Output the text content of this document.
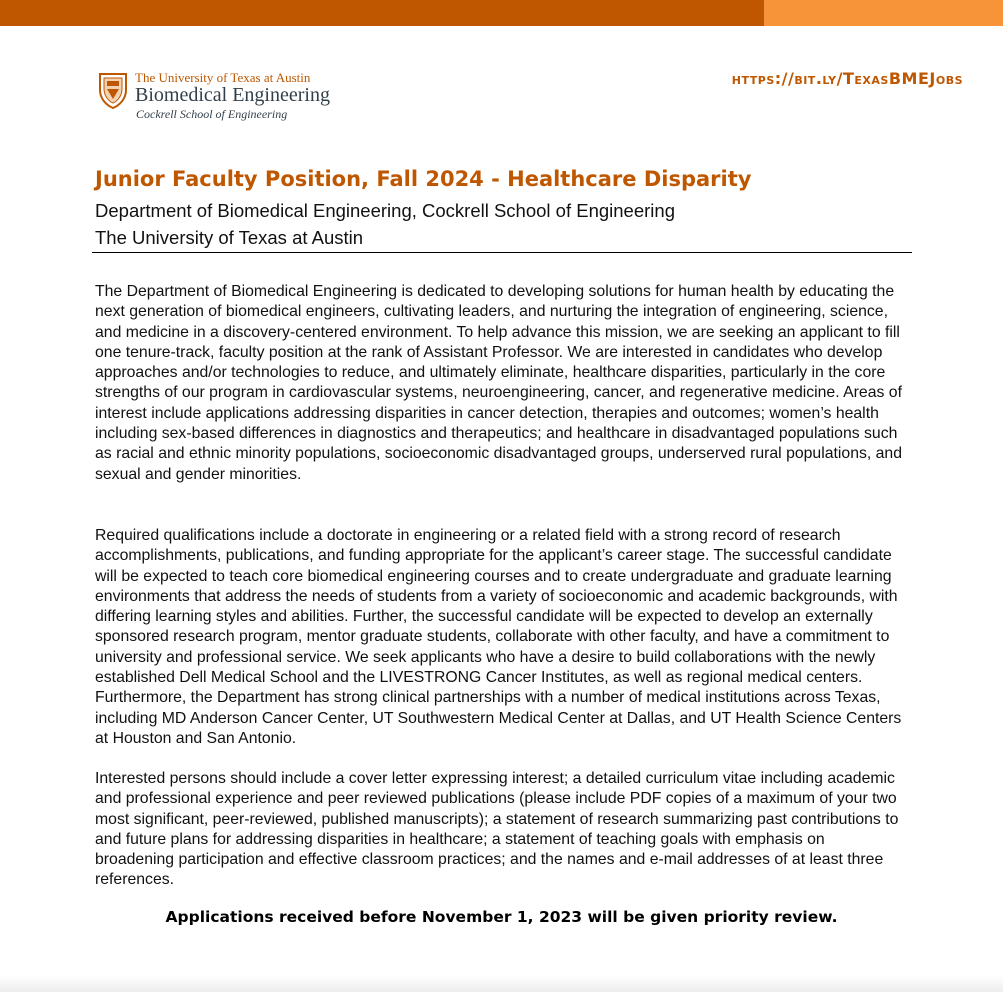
The University of Texas at Austin
Biomedical Engineering
Cockrell School of Engineering
https://bit.ly/TexasBMEJobs
Junior Faculty Position, Fall 2024 - Healthcare Disparity
Department of Biomedical Engineering, Cockrell School of Engineering
The University of Texas at Austin

The Department of Biomedical Engineering is dedicated to developing solutions for human health by educating the next generation of biomedical engineers, cultivating leaders, and nurturing the integration of engineering, science, and medicine in a discovery-centered environment. To help advance this mission, we are seeking an applicant to fill one tenure-track, faculty position at the rank of Assistant Professor. We are interested in candidates who develop approaches and/or technologies to reduce, and ultimately eliminate, healthcare disparities, particularly in the core strengths of our program in cardiovascular systems, neuroengineering, cancer, and regenerative medicine. Areas of interest include applications addressing disparities in cancer detection, therapies and outcomes; women’s health including sex-based differences in diagnostics and therapeutics; and healthcare in disadvantaged populations such as racial and ethnic minority populations, socioeconomic disadvantaged groups, underserved rural populations, and sexual and gender minorities.

Required qualifications include a doctorate in engineering or a related field with a strong record of research accomplishments, publications, and funding appropriate for the applicant’s career stage. The successful candidate will be expected to teach core biomedical engineering courses and to create undergraduate and graduate learning environments that address the needs of students from a variety of socioeconomic and academic backgrounds, with differing learning styles and abilities. Further, the successful candidate will be expected to develop an externally sponsored research program, mentor graduate students, collaborate with other faculty, and have a commitment to university and professional service. We seek applicants who have a desire to build collaborations with the newly established Dell Medical School and the LIVESTRONG Cancer Institutes, as well as regional medical centers. Furthermore, the Department has strong clinical partnerships with a number of medical institutions across Texas, including MD Anderson Cancer Center, UT Southwestern Medical Center at Dallas, and UT Health Science Centers at Houston and San Antonio.

Interested persons should include a cover letter expressing interest; a detailed curriculum vitae including academic and professional experience and peer reviewed publications (please include PDF copies of a maximum of your two most significant, peer-reviewed, published manuscripts); a statement of research summarizing past contributions to and future plans for addressing disparities in healthcare; a statement of teaching goals with emphasis on broadening participation and effective classroom practices; and the names and e-mail addresses of at least three references.

Applications received before November 1, 2023 will be given priority review.
